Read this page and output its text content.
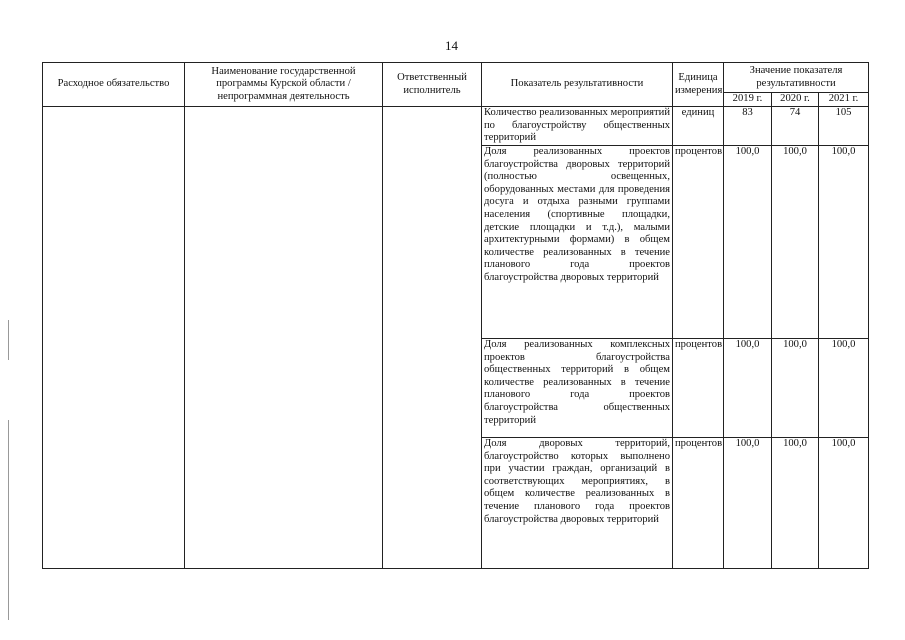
14
Расходное обязательство	Наименование государственной программы Курской области / непрограммная деятельность	Ответственный исполнитель	Показатель результативности	Единица измерения	Значение показателя результативности		
					2019 г.	2020 г.	2021 г.
			Количество реализованных мероприятий по благоустройству общественных территорий	единиц	83	74	105
			Доля реализованных проектов благоустройства дворовых территорий (полностью освещенных, оборудованных местами для проведения досуга и отдыха разными группами населения (спортивные площадки, детские площадки и т.д.), малыми архитектурными формами) в общем количестве реализованных в течение планового года проектов благоустройства дворовых территорий	процентов	100,0	100,0	100,0
			Доля реализованных комплексных проектов благоустройства общественных территорий в общем количестве реализованных в течение планового года проектов благоустройства общественных территорий	процентов	100,0	100,0	100,0
			Доля дворовых территорий, благоустройство которых выполнено при участии граждан, организаций в соответствующих мероприятиях, в общем количестве реализованных в течение планового года проектов благоустройства дворовых территорий	процентов	100,0	100,0	100,0
